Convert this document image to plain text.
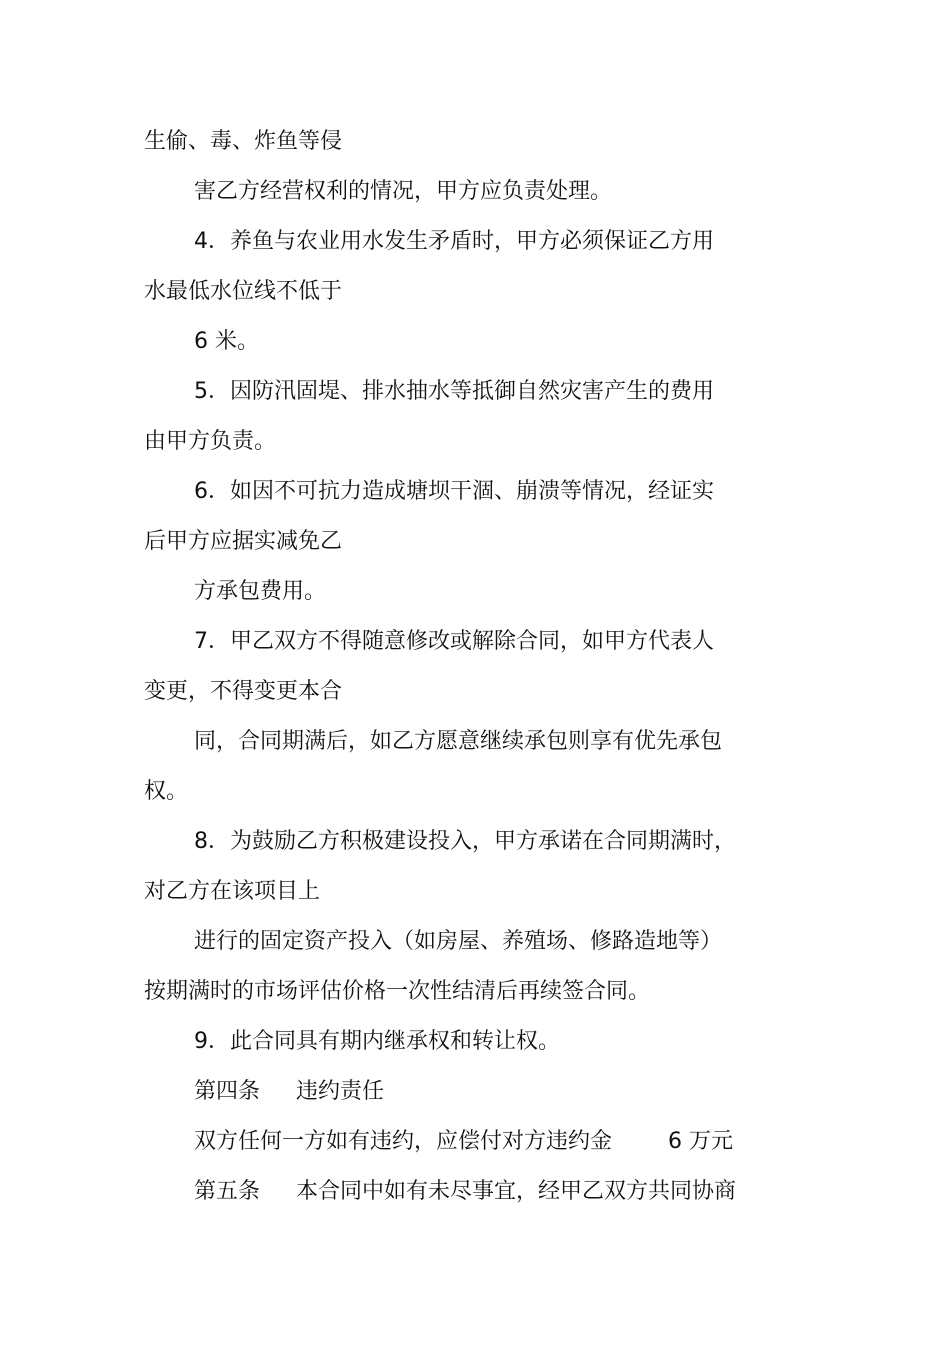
生偷、毒、炸鱼等侵

害乙方经营权利的情况，甲方应负责处理。

4．养鱼与农业用水发生矛盾时，甲方必须保证乙方用

水最低水位线不低于

6 米。

5．因防汛固堤、排水抽水等抵御自然灾害产生的费用

由甲方负责。

6．如因不可抗力造成塘坝干涸、崩溃等情况，经证实

后甲方应据实减免乙

方承包费用。

7．甲乙双方不得随意修改或解除合同，如甲方代表人

变更，不得变更本合

同，合同期满后，如乙方愿意继续承包则享有优先承包

权。

8．为鼓励乙方积极建设投入，甲方承诺在合同期满时，

对乙方在该项目上

进行的固定资产投入（如房屋、养殖场、修路造地等）

按期满时的市场评估价格一次性结清后再续签合同。

9．此合同具有期内继承权和转让权。

第四条 违约责任

双方任何一方如有违约，应偿付对方违约金	6 万元

第五条 本合同中如有未尽事宜，经甲乙双方共同协商
